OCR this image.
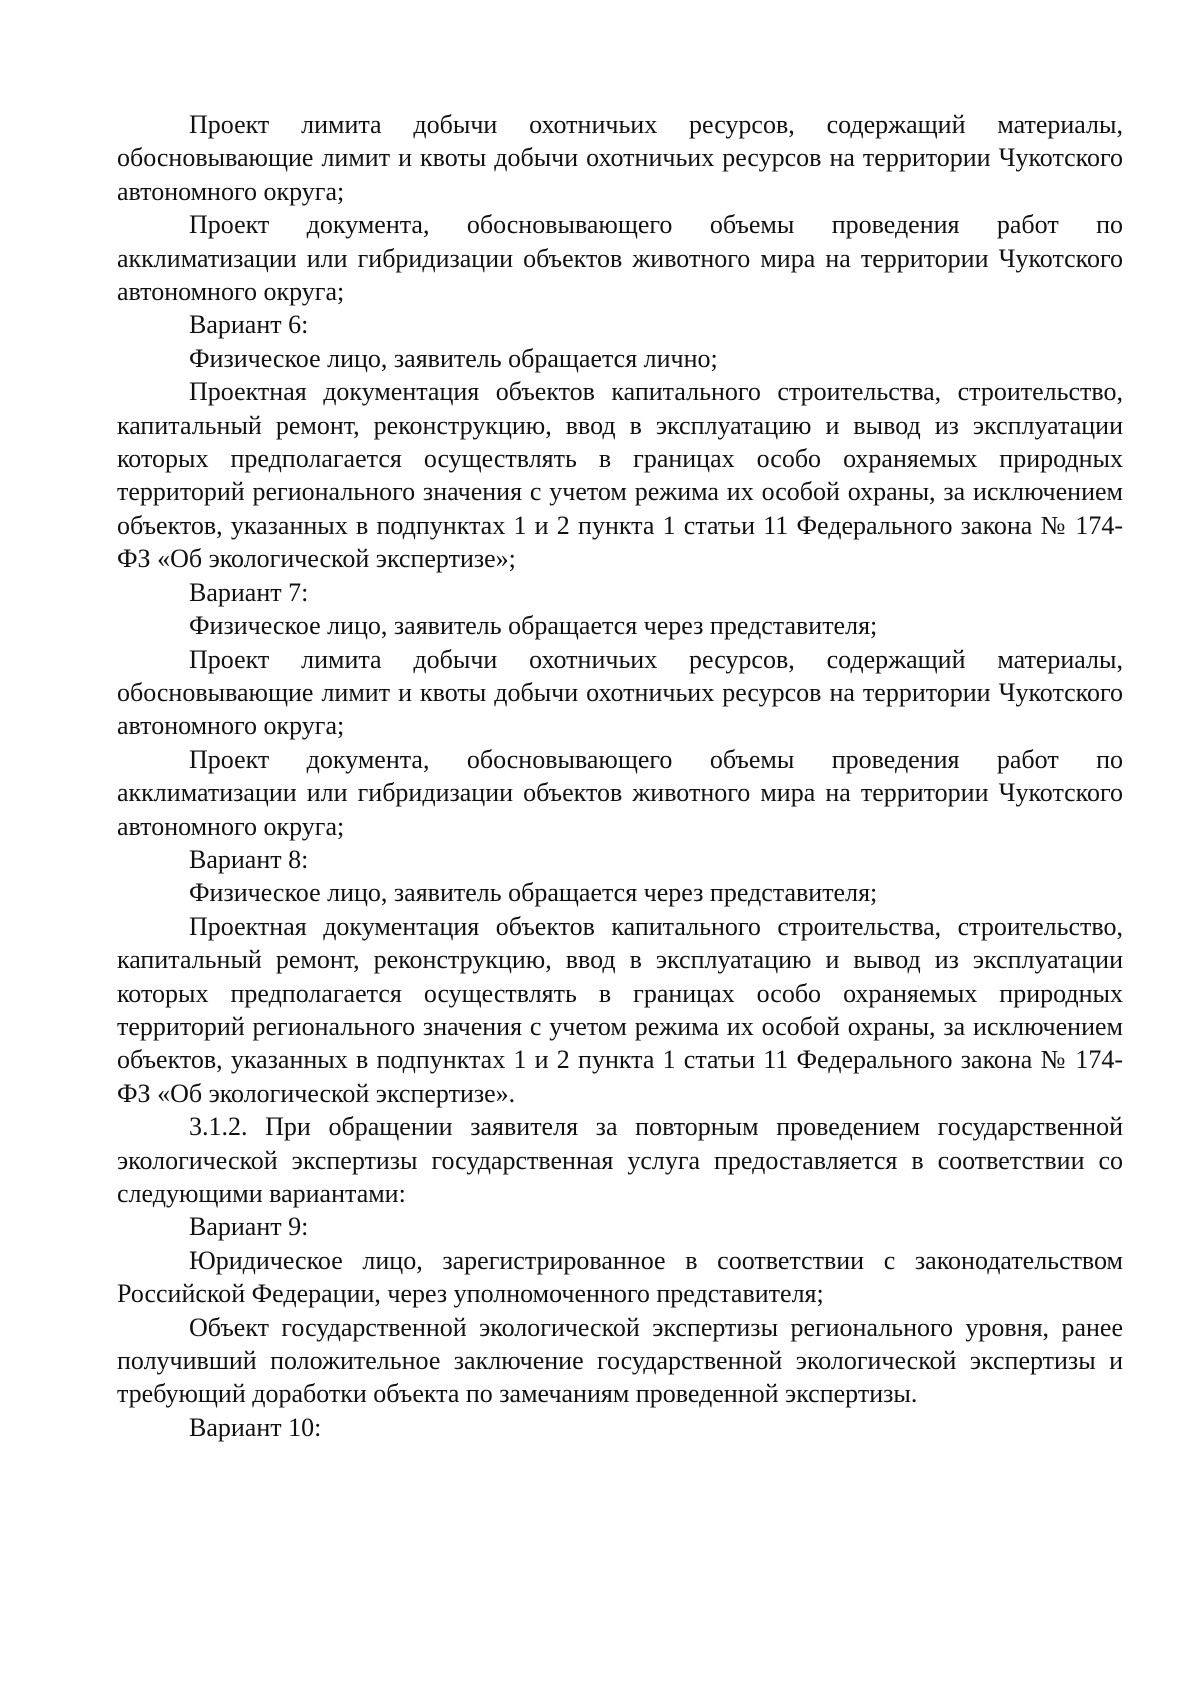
Проект лимита добычи охотничьих ресурсов, содержащий материалы, обосновывающие лимит и квоты добычи охотничьих ресурсов на территории Чукотского автономного округа;

Проект документа, обосновывающего объемы проведения работ по акклиматизации или гибридизации объектов животного мира на территории Чукотского автономного округа;

Вариант 6:

Физическое лицо, заявитель обращается лично;

Проектная документация объектов капитального строительства, строительство, капитальный ремонт, реконструкцию, ввод в эксплуатацию и вывод из эксплуатации которых предполагается осуществлять в границах особо охраняемых природных территорий регионального значения с учетом режима их особой охраны, за исключением объектов, указанных в подпунктах 1 и 2 пункта 1 статьи 11 Федерального закона № 174-ФЗ «Об экологической экспертизе»;

Вариант 7:

Физическое лицо, заявитель обращается через представителя;

Проект лимита добычи охотничьих ресурсов, содержащий материалы, обосновывающие лимит и квоты добычи охотничьих ресурсов на территории Чукотского автономного округа;

Проект документа, обосновывающего объемы проведения работ по акклиматизации или гибридизации объектов животного мира на территории Чукотского автономного округа;

Вариант 8:

Физическое лицо, заявитель обращается через представителя;

Проектная документация объектов капитального строительства, строительство, капитальный ремонт, реконструкцию, ввод в эксплуатацию и вывод из эксплуатации которых предполагается осуществлять в границах особо охраняемых природных территорий регионального значения с учетом режима их особой охраны, за исключением объектов, указанных в подпунктах 1 и 2 пункта 1 статьи 11 Федерального закона № 174-ФЗ «Об экологической экспертизе».

3.1.2. При обращении заявителя за повторным проведением государственной экологической экспертизы государственная услуга предоставляется в соответствии со следующими вариантами:

Вариант 9:

Юридическое лицо, зарегистрированное в соответствии с законодательством Российской Федерации, через уполномоченного представителя;

Объект государственной экологической экспертизы регионального уровня, ранее получивший положительное заключение государственной экологической экспертизы и требующий доработки объекта по замечаниям проведенной экспертизы.

Вариант 10:
